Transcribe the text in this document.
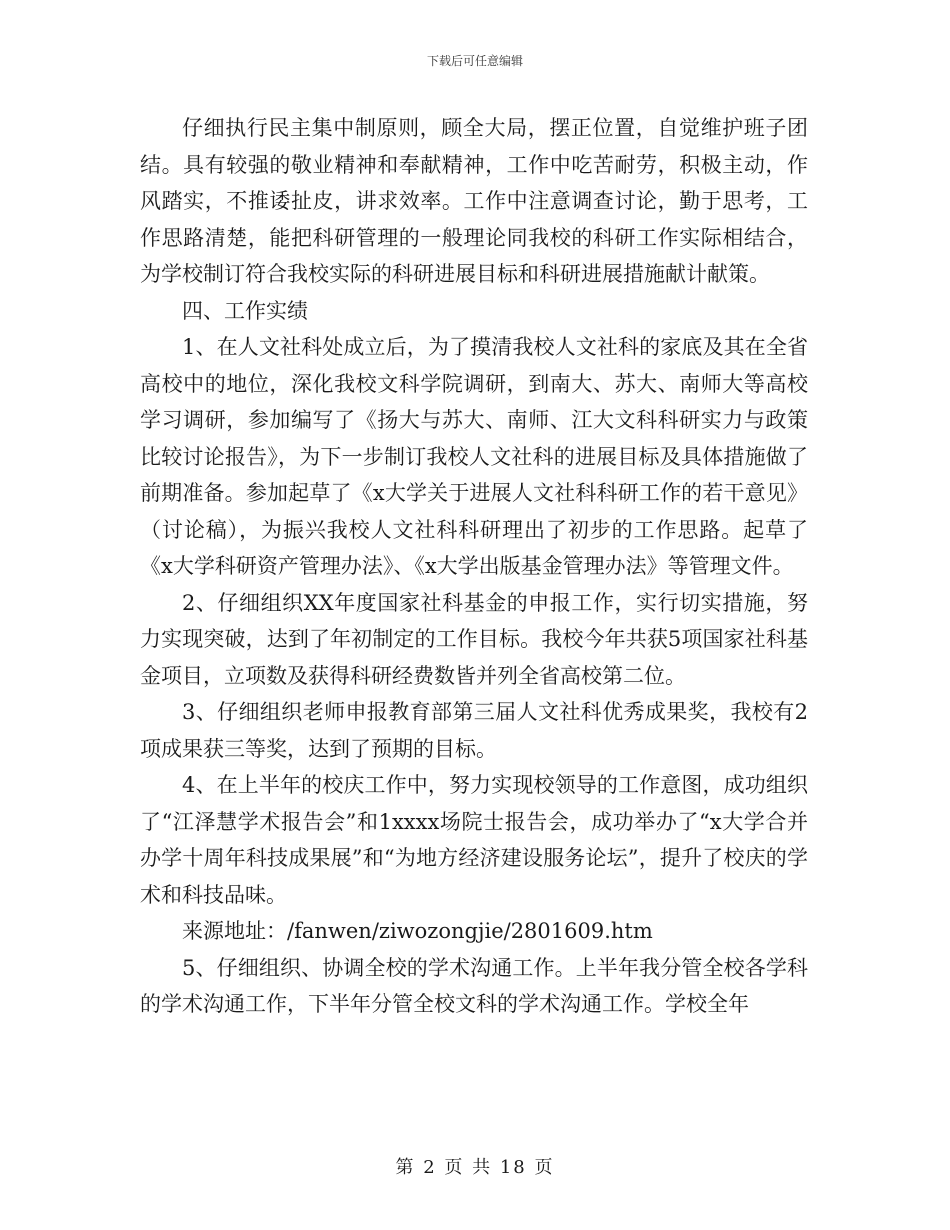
下载后可任意编辑

仔细执行民主集中制原则，顾全大局，摆正位置，自觉维护班子团结。具有较强的敬业精神和奉献精神，工作中吃苦耐劳，积极主动，作风踏实，不推诿扯皮，讲求效率。工作中注意调查讨论，勤于思考，工作思路清楚，能把科研管理的一般理论同我校的科研工作实际相结合，为学校制订符合我校实际的科研进展目标和科研进展措施献计献策。

四、工作实绩

1、在人文社科处成立后，为了摸清我校人文社科的家底及其在全省高校中的地位，深化我校文科学院调研，到南大、苏大、南师大等高校学习调研，参加编写了《扬大与苏大、南师、江大文科科研实力与政策比较讨论报告》，为下一步制订我校人文社科的进展目标及具体措施做了前期准备。参加起草了《x大学关于进展人文社科科研工作的若干意见》（讨论稿），为振兴我校人文社科科研理出了初步的工作思路。起草了《x大学科研资产管理办法》、《x大学出版基金管理办法》等管理文件。

2、仔细组织XX年度国家社科基金的申报工作，实行切实措施，努力实现突破，达到了年初制定的工作目标。我校今年共获5项国家社科基金项目，立项数及获得科研经费数皆并列全省高校第二位。

3、仔细组织老师申报教育部第三届人文社科优秀成果奖，我校有2项成果获三等奖，达到了预期的目标。

4、在上半年的校庆工作中，努力实现校领导的工作意图，成功组织了“江泽慧学术报告会”和1xxxx场院士报告会，成功举办了“x大学合并办学十周年科技成果展”和“为地方经济建设服务论坛”，提升了校庆的学术和科技品味。

来源地址：/fanwen/ziwozongjie/2801609.htm

5、仔细组织、协调全校的学术沟通工作。上半年我分管全校各学科的学术沟通工作，下半年分管全校文科的学术沟通工作。学校全年

第 2 页 共 18 页
